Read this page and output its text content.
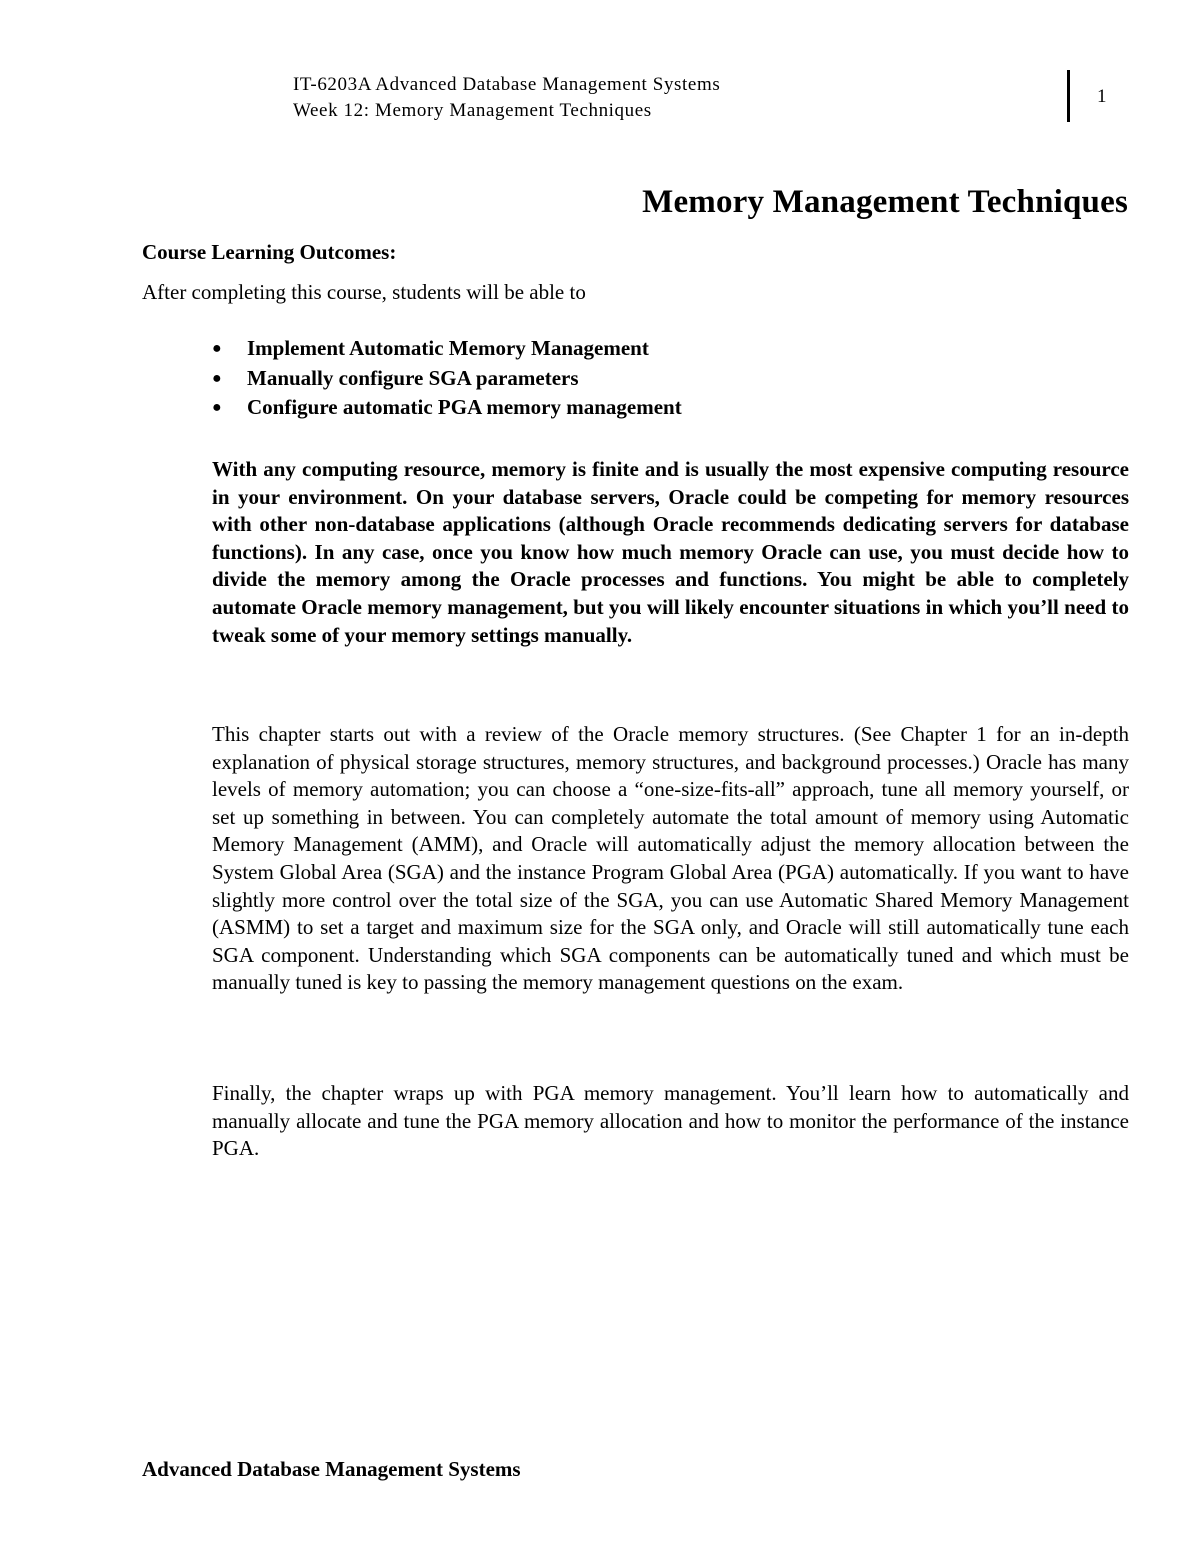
IT-6203A Advanced Database Management Systems
Week 12: Memory Management Techniques
1
Memory Management Techniques
Course Learning Outcomes:
After completing this course, students will be able to
● Implement Automatic Memory Management
● Manually configure SGA parameters
● Configure automatic PGA memory management

With any computing resource, memory is finite and is usually the most expensive computing resource in your environment. On your database servers, Oracle could be competing for memory resources with other non-database applications (although Oracle recommends dedicating servers for database functions). In any case, once you know how much memory Oracle can use, you must decide how to divide the memory among the Oracle processes and functions. You might be able to completely automate Oracle memory management, but you will likely encounter situations in which you’ll need to tweak some of your memory settings manually.

This chapter starts out with a review of the Oracle memory structures. (See Chapter 1 for an in-depth explanation of physical storage structures, memory structures, and background processes.) Oracle has many levels of memory automation; you can choose a “one-size-fits-all” approach, tune all memory yourself, or set up something in between. You can completely automate the total amount of memory using Automatic Memory Management (AMM), and Oracle will automatically adjust the memory allocation between the System Global Area (SGA) and the instance Program Global Area (PGA) automatically. If you want to have slightly more control over the total size of the SGA, you can use Automatic Shared Memory Management (ASMM) to set a target and maximum size for the SGA only, and Oracle will still automatically tune each SGA component. Understanding which SGA components can be automatically tuned and which must be manually tuned is key to passing the memory management questions on the exam.

Finally, the chapter wraps up with PGA memory management. You’ll learn how to automatically and manually allocate and tune the PGA memory allocation and how to monitor the performance of the instance PGA.

Advanced Database Management Systems
